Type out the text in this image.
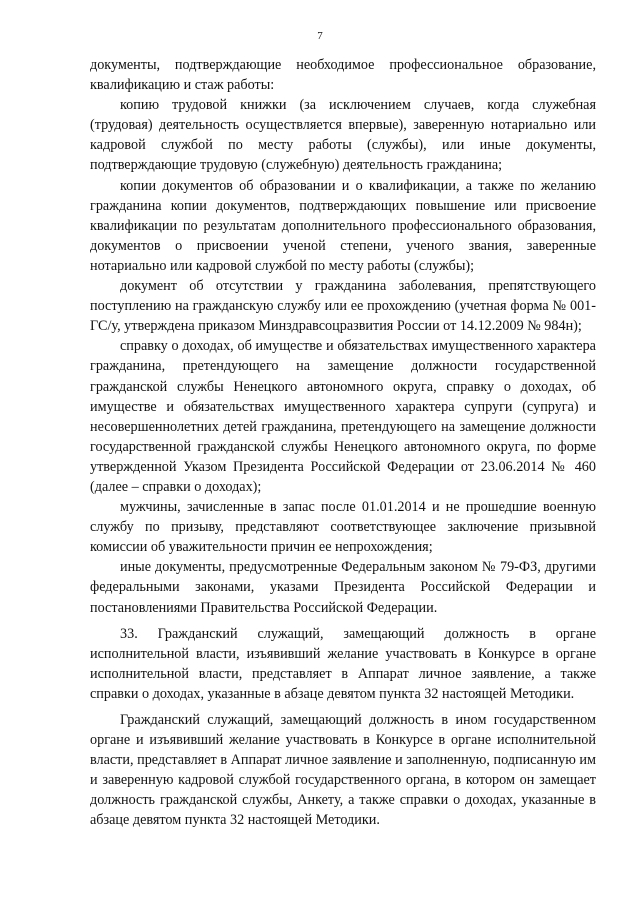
7

документы, подтверждающие необходимое профессиональное образование, квалификацию и стаж работы:

копию трудовой книжки (за исключением случаев, когда служебная (трудовая) деятельность осуществляется впервые), заверенную нотариально или кадровой службой по месту работы (службы), или иные документы, подтверждающие трудовую (служебную) деятельность гражданина;

копии документов об образовании и о квалификации, а также по желанию гражданина копии документов, подтверждающих повышение или присвоение квалификации по результатам дополнительного профессионального образования, документов о присвоении ученой степени, ученого звания, заверенные нотариально или кадровой службой по месту работы (службы);

документ об отсутствии у гражданина заболевания, препятствующего поступлению на гражданскую службу или ее прохождению (учетная форма № 001-ГС/у, утверждена приказом Минздравсоцразвития России от 14.12.2009 № 984н);

справку о доходах, об имуществе и обязательствах имущественного характера гражданина, претендующего на замещение должности государственной гражданской службы Ненецкого автономного округа, справку о доходах, об имуществе и обязательствах имущественного характера супруги (супруга) и несовершеннолетних детей гражданина, претендующего на замещение должности государственной гражданской службы Ненецкого автономного округа, по форме утвержденной Указом Президента Российской Федерации от 23.06.2014 № 460 (далее – справки о доходах);

мужчины, зачисленные в запас после 01.01.2014 и не прошедшие военную службу по призыву, представляют соответствующее заключение призывной комиссии об уважительности причин ее непрохождения;

иные документы, предусмотренные Федеральным законом № 79-ФЗ, другими федеральными законами, указами Президента Российской Федерации и постановлениями Правительства Российской Федерации.

33. Гражданский служащий, замещающий должность в органе исполнительной власти, изъявивший желание участвовать в Конкурсе в органе исполнительной власти, представляет в Аппарат личное заявление, а также справки о доходах, указанные в абзаце девятом пункта 32 настоящей Методики.

Гражданский служащий, замещающий должность в ином государственном органе и изъявивший желание участвовать в Конкурсе в органе исполнительной власти, представляет в Аппарат личное заявление и заполненную, подписанную им и заверенную кадровой службой государственного органа, в котором он замещает должность гражданской службы, Анкету, а также справки о доходах, указанные в абзаце девятом пункта 32 настоящей Методики.
